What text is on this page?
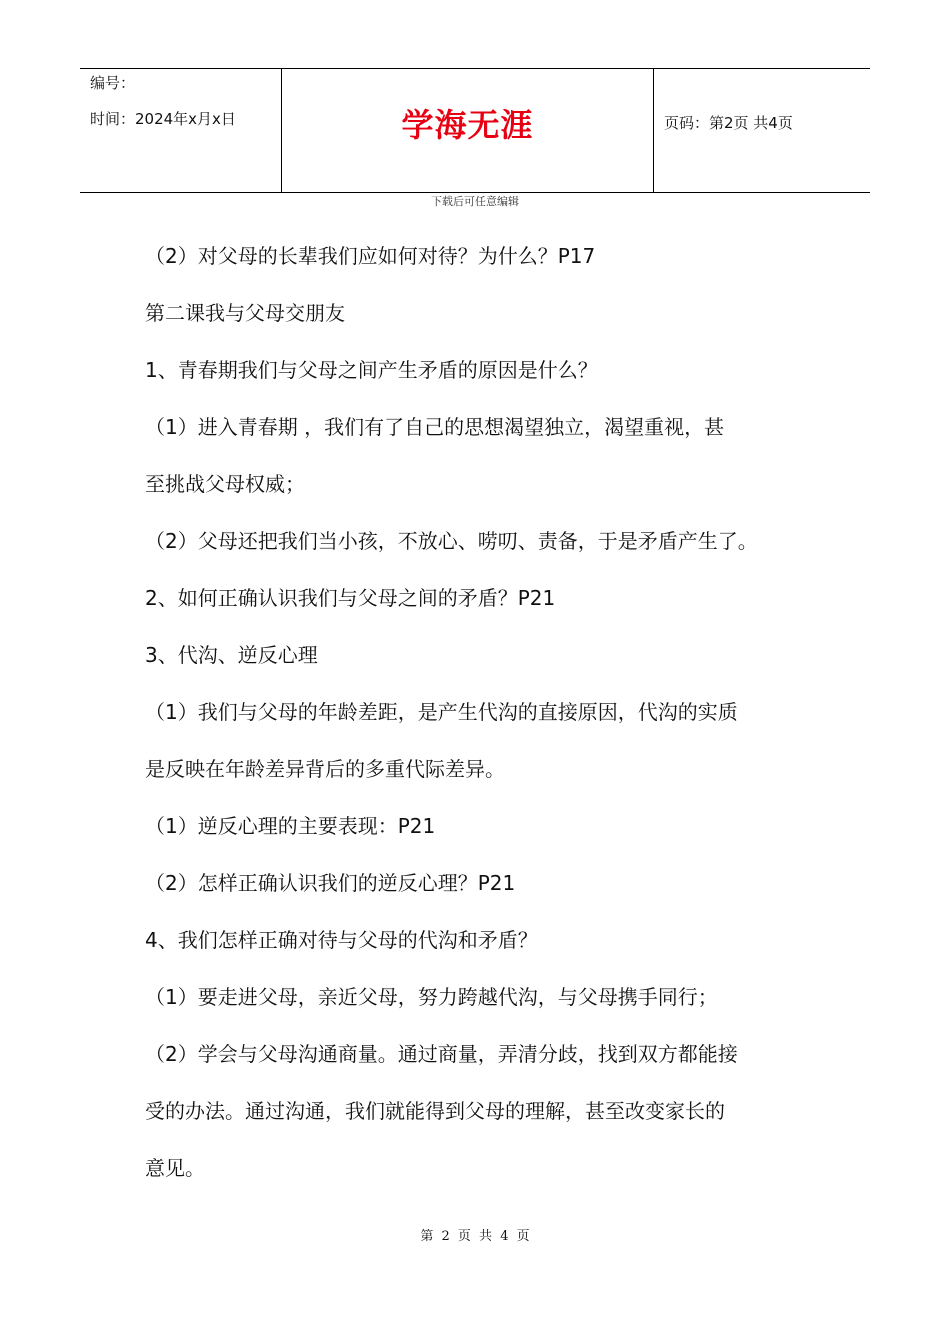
编号：
时间：2024年x月x日	学海无涯	页码：第2页 共4页
下载后可任意编辑
（2）对父母的长辈我们应如何对待？为什么？P17
第二课我与父母交朋友
1、青春期我们与父母之间产生矛盾的原因是什么？
（1）进入青春期 ，我们有了自己的思想渴望独立，渴望重视，甚
至挑战父母权威；
（2）父母还把我们当小孩，不放心、唠叨、责备，于是矛盾产生了。
2、如何正确认识我们与父母之间的矛盾？P21
3、代沟、逆反心理
（1）我们与父母的年龄差距，是产生代沟的直接原因，代沟的实质
是反映在年龄差异背后的多重代际差异。
（1）逆反心理的主要表现：P21
（2）怎样正确认识我们的逆反心理？P21
4、我们怎样正确对待与父母的代沟和矛盾？
（1）要走进父母，亲近父母，努力跨越代沟，与父母携手同行；
（2）学会与父母沟通商量。通过商量，弄清分歧，找到双方都能接
受的办法。通过沟通，我们就能得到父母的理解，甚至改变家长的
意见。
第 2 页 共 4 页
